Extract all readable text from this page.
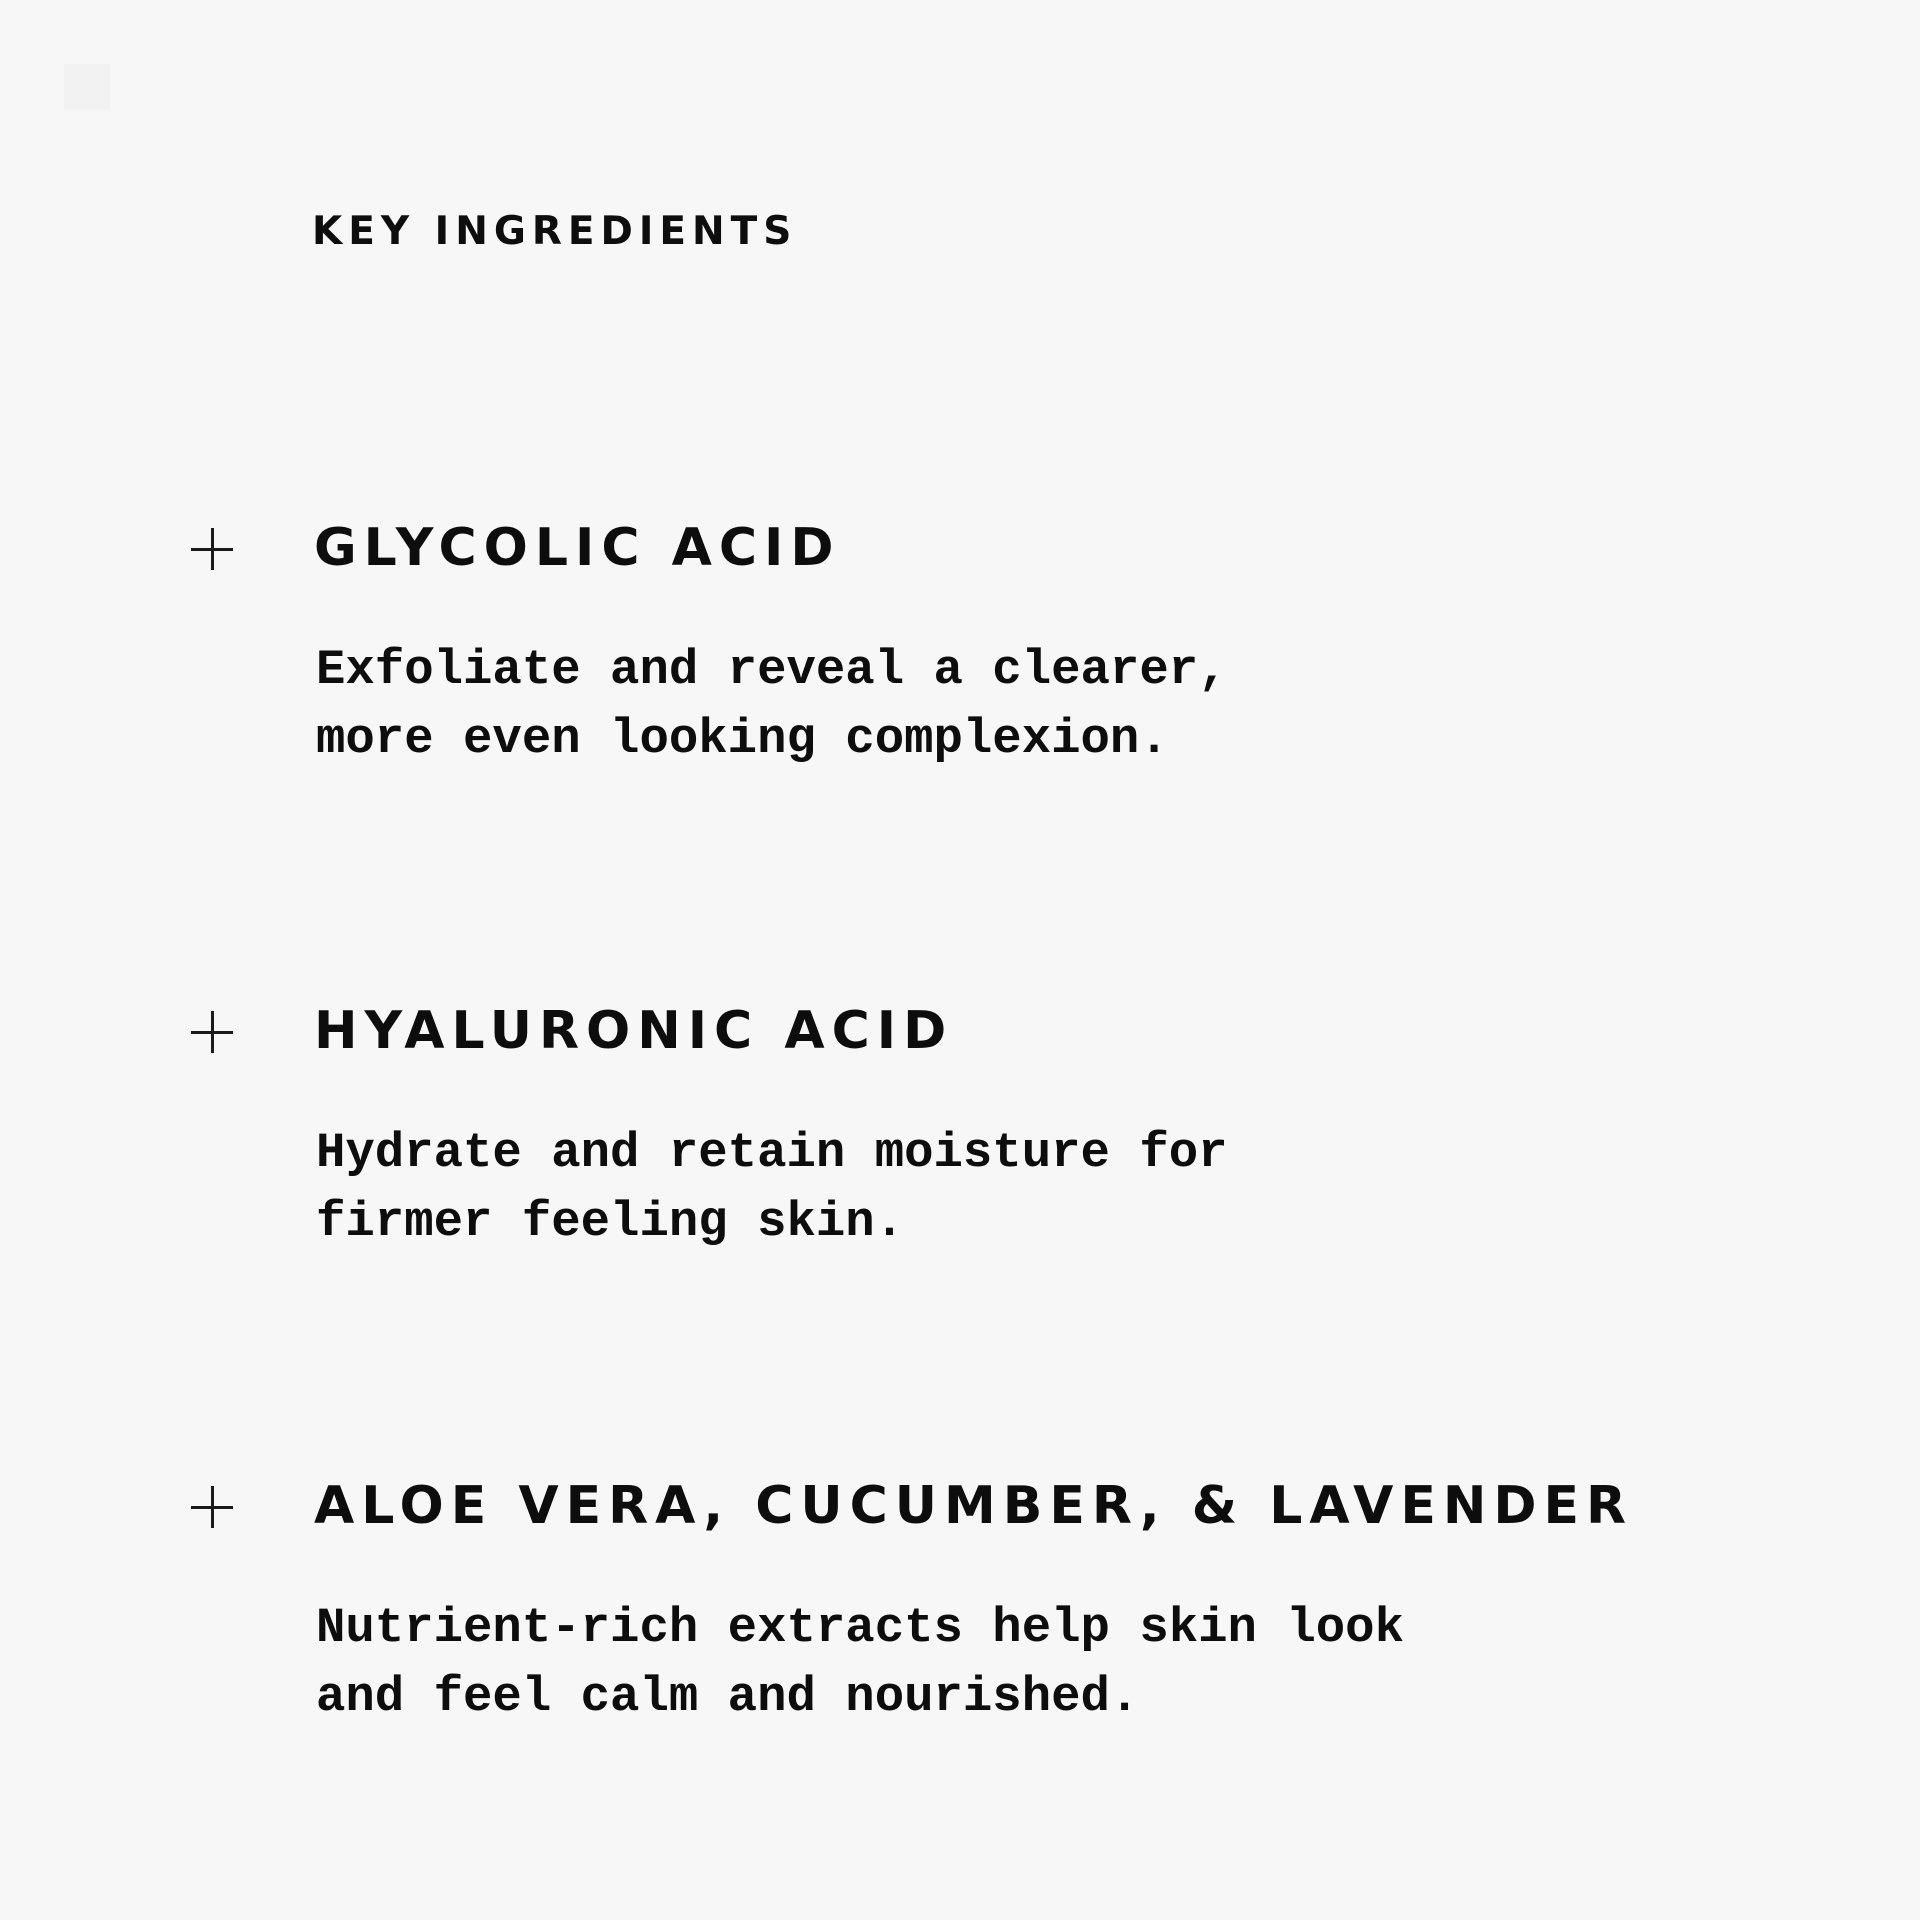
KEY INGREDIENTS
GLYCOLIC ACID

Exfoliate and reveal a clearer,
more even looking complexion.

HYALURONIC ACID

Hydrate and retain moisture for
firmer feeling skin.

ALOE VERA, CUCUMBER, & LAVENDER

Nutrient-rich extracts help skin look
and feel calm and nourished.
